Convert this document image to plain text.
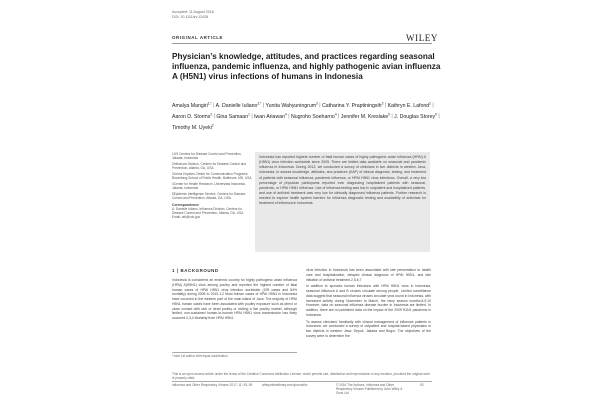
Accepted: 11 August 2016
DOI: 10.1111/irv.12428
WILEY
ORIGINAL ARTICLE
Physician’s knowledge, attitudes, and practices regarding seasonal influenza, pandemic influenza, and highly pathogenic avian influenza A (H5N1) virus infections of humans in Indonesia
Amalya Mangiri$^{1,*}$ | A. Danielle Iuliano$^{2,*}$ | Yunita Wahyuningrum$^3$ | Catharina Y. Praptiningsih$^3$ | Kathryn E. Lafond$^2$ | Aaron D. Storms$^2$ | Gina Samaan$^1$ | Iwan Ariawan$^4$ | Nugroho Soeharno$^4$ | Jennifer M. Kreslake$^5$ | J. Douglas Storey$^5$ | Timothy M. Uyeki$^2$
1US Centers for Disease Control and Prevention, Jakarta, Indonesia
2Influenza Division, Centers for Disease Control and Prevention, Atlanta, GA, USA
3Johns Hopkins Center for Communication Programs, Bloomberg School of Public Health, Baltimore, MD, USA
4Center for Health Research, Universitas Indonesia, Jakarta, Indonesia
5Epidemic Intelligence Service, Centers for Disease Control and Prevention, Atlanta, GA, USA
Correspondence
A. Danielle Iuliano, Influenza Division, Centers for Disease Control and Prevention, Atlanta, GA, USA. Email: adi@cdc.gov

Indonesia has reported highest number of fatal human cases of highly pathogenic avian influenza (HPAI) A (H5N1) virus infection worldwide since 2005. There are limited data available on seasonal and pandemic influenza in Indonesia. During 2012, we conducted a survey of clinicians in two districts in western Java, Indonesia, to assess knowledge, attitudes, and practices (KAP) of clinical diagnosis, testing, and treatment of patients with seasonal influenza, pandemic influenza, or HPAI H5N1 virus infections. Overall, a very low percentage of physician participants reported ever diagnosing hospitalized patients with seasonal, pandemic, or HPAI H5N1 influenza. Use of influenza testing was low in outpatient and hospitalized patients, and use of antiviral treatment was very low for clinically diagnosed influenza patients. Further research is needed to explore health system barriers for influenza diagnostic testing and availability of antivirals for treatment of influenza in Indonesia.

1 | BACKGROUND

Indonesia is considered an endemic country for highly pathogenic avian influenza (HPAI) A(H5N1) virus among poultry and reported the highest number of fatal human cases of HPAI H5N1 virus infection worldwide (199 cases and 84% mortality) during 2005 to 2015.1,2 Most human cases of HPAI H5N1 in Indonesia have occurred in the western part of the main island of Java. The majority of HPAI H5N1 human cases have been associated with poultry exposure such as direct or close contact with sick or dead poultry or visiting a live poultry market, although limited, non-sustained human-to-human HPAI H5N1 virus transmission has likely occurred.2,3,4 Mortality from HPAI H5N1

virus infection in Indonesia has been associated with late presentation to health care and hospitalization, delayed clinical diagnosis of HPAI H5N1, and late initiation of antiviral treatment.2,5,6,7

In addition to sporadic human infections with HPAI H5N1 virus in Indonesia, seasonal influenza A and B viruses circulate among people. Limited surveillance data suggest that seasonal influenza viruses circulate year-round in Indonesia, with increased activity during November to March, the rainy season months.8,9,10 However, data on seasonal influenza disease burden in Indonesia are limited. In addition, there are no published data on the impact of the 2009 H1N1 pandemic in Indonesia.

To assess clinicians’ familiarity with clinical management of influenza patients in Indonesia, we conducted a survey of outpatient and hospital-based physicians in two districts in western Java: Depok, Jakarta and Bogor. The objectives of the survey were to determine the

*Joint 1st author with equal contribution.
This is an open access article under the terms of the Creative Commons Attribution License, which permits use, distribution and reproduction in any medium, provided the original work is properly cited.
Influenza and Other Respiratory Viruses 2017; 11: 93–99	wileyonlinelibrary.com/journal/irv	© 2016 The Authors. Influenza and Other Respiratory Viruses Published by John Wiley & Sons Ltd.
93
